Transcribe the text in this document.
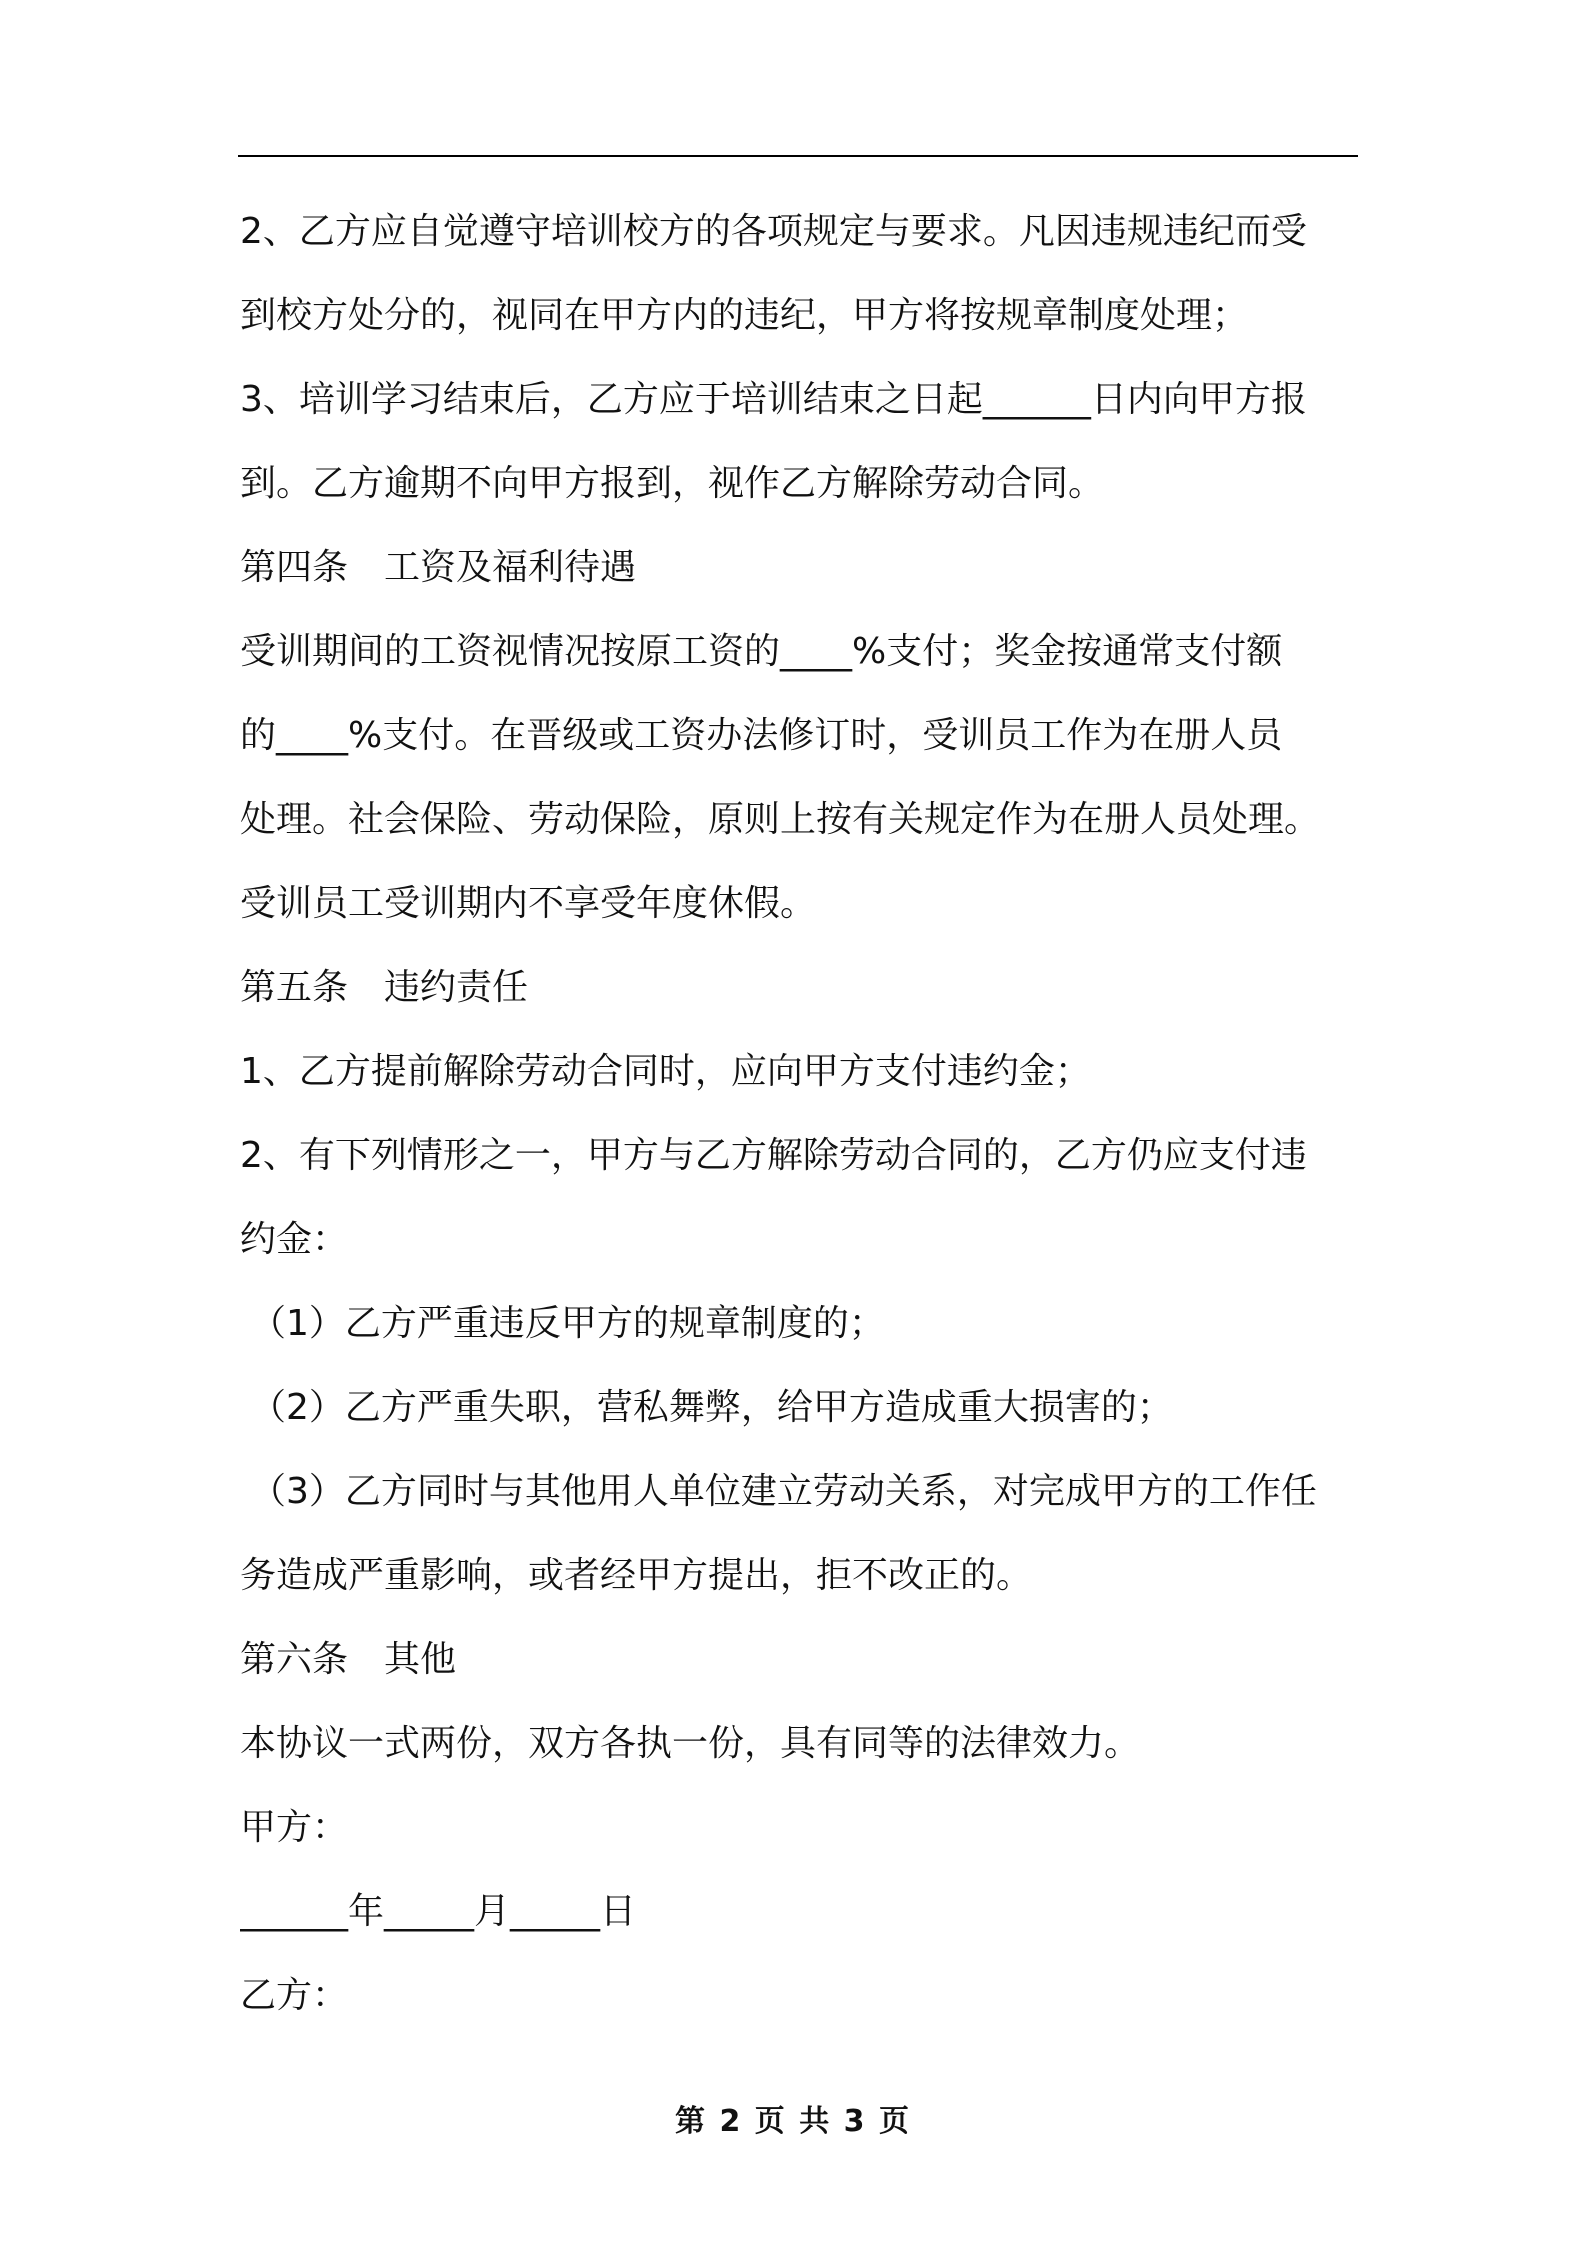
2、乙方应自觉遵守培训校方的各项规定与要求。凡因违规违纪而受
到校方处分的，视同在甲方内的违纪，甲方将按规章制度处理；
3、培训学习结束后，乙方应于培训结束之日起______日内向甲方报
到。乙方逾期不向甲方报到，视作乙方解除劳动合同。
第四条　工资及福利待遇
受训期间的工资视情况按原工资的____%支付；奖金按通常支付额
的____%支付。在晋级或工资办法修订时，受训员工作为在册人员
处理。社会保险、劳动保险，原则上按有关规定作为在册人员处理。
受训员工受训期内不享受年度休假。
第五条　违约责任
1、乙方提前解除劳动合同时，应向甲方支付违约金；
2、有下列情形之一，甲方与乙方解除劳动合同的，乙方仍应支付违
约金：
（1）乙方严重违反甲方的规章制度的；
（2）乙方严重失职，营私舞弊，给甲方造成重大损害的；
（3）乙方同时与其他用人单位建立劳动关系，对完成甲方的工作任
务造成严重影响，或者经甲方提出，拒不改正的。
第六条　其他
本协议一式两份，双方各执一份，具有同等的法律效力。
甲方：
______年_____月_____日
乙方：
第 2 页 共 3 页
